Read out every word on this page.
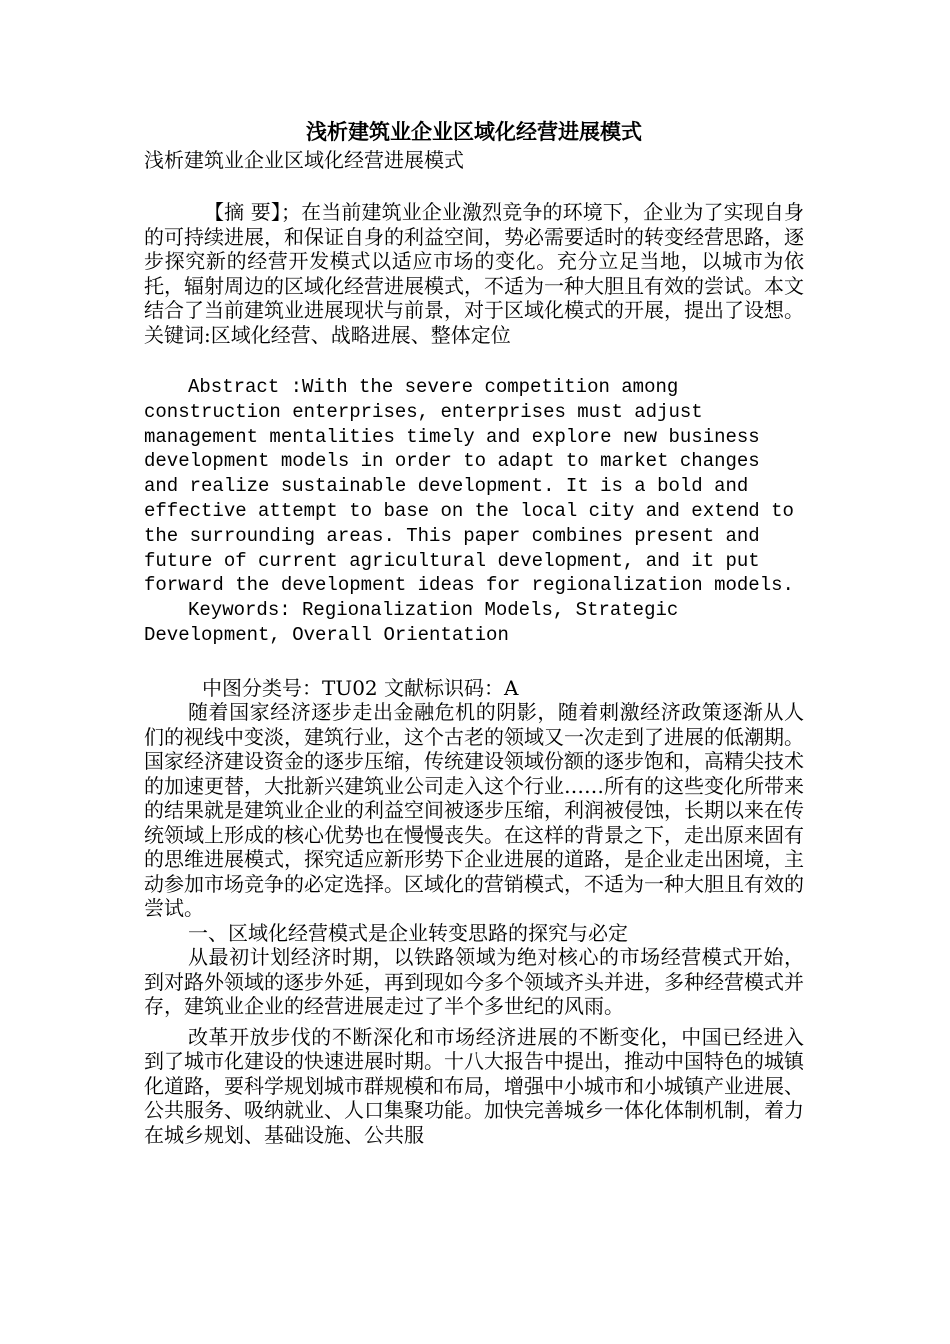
浅析建筑业企业区域化经营进展模式

浅析建筑业企业区域化经营进展模式

【摘 要】；在当前建筑业企业激烈竞争的环境下，企业为了实现自身的可持续进展，和保证自身的利益空间，势必需要适时的转变经营思路，逐步探究新的经营开发模式以适应市场的变化。充分立足当地，以城市为依托，辐射周边的区域化经营进展模式，不适为一种大胆且有效的尝试。本文结合了当前建筑业进展现状与前景，对于区域化模式的开展，提出了设想。关键词:区域化经营、战略进展、整体定位

Abstract :With the severe competition among construction enterprises, enterprises must adjust management mentalities timely and explore new business development models in order to adapt to market changes and realize sustainable development. It is a bold and effective attempt to base on the local city and extend to the surrounding areas. This paper combines present and future of current agricultural development, and it put forward the development ideas for regionalization models.

Keywords: Regionalization Models, Strategic Development, Overall Orientation

中图分类号：TU02 文献标识码：A

随着国家经济逐步走出金融危机的阴影，随着刺激经济政策逐渐从人们的视线中变淡，建筑行业，这个古老的领域又一次走到了进展的低潮期。国家经济建设资金的逐步压缩，传统建设领域份额的逐步饱和，高精尖技术的加速更替，大批新兴建筑业公司走入这个行业……所有的这些变化所带来的结果就是建筑业企业的利益空间被逐步压缩，利润被侵蚀，长期以来在传统领域上形成的核心优势也在慢慢丧失。在这样的背景之下，走出原来固有的思维进展模式，探究适应新形势下企业进展的道路，是企业走出困境，主动参加市场竞争的必定选择。区域化的营销模式，不适为一种大胆且有效的尝试。

一、区域化经营模式是企业转变思路的探究与必定

从最初计划经济时期，以铁路领域为绝对核心的市场经营模式开始，到对路外领域的逐步外延，再到现如今多个领域齐头并进，多种经营模式并存，建筑业企业的经营进展走过了半个多世纪的风雨。

改革开放步伐的不断深化和市场经济进展的不断变化，中国已经进入到了城市化建设的快速进展时期。十八大报告中提出，推动中国特色的城镇化道路，要科学规划城市群规模和布局，增强中小城市和小城镇产业进展、公共服务、吸纳就业、人口集聚功能。加快完善城乡一体化体制机制，着力在城乡规划、基础设施、公共服
